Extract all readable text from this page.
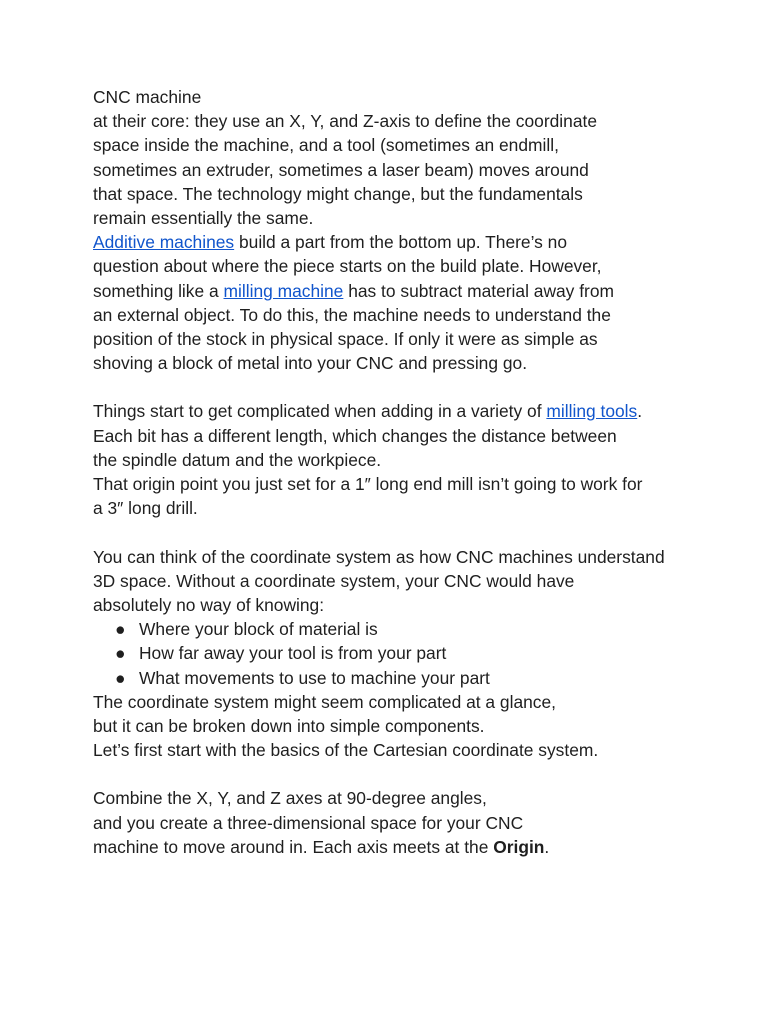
CNC machine
at their core: they use an X, Y, and Z-axis to define the coordinate
space inside the machine, and a tool (sometimes an endmill,
sometimes an extruder, sometimes a laser beam) moves around
that space. The technology might change, but the fundamentals
remain essentially the same.
Additive machines build a part from the bottom up. There’s no
question about where the piece starts on the build plate. However,
something like a milling machine has to subtract material away from
an external object. To do this, the machine needs to understand the
position of the stock in physical space. If only it were as simple as
shoving a block of metal into your CNC and pressing go.
Things start to get complicated when adding in a variety of milling tools.
Each bit has a different length, which changes the distance between
the spindle datum and the workpiece.
That origin point you just set for a 1″ long end mill isn’t going to work for
a 3″ long drill.
You can think of the coordinate system as how CNC machines understand
3D space. Without a coordinate system, your CNC would have
absolutely no way of knowing:
● Where your block of material is
● How far away your tool is from your part
● What movements to use to machine your part
The coordinate system might seem complicated at a glance,
but it can be broken down into simple components.
Let’s first start with the basics of the Cartesian coordinate system.
Combine the X, Y, and Z axes at 90-degree angles,
and you create a three-dimensional space for your CNC
machine to move around in. Each axis meets at the Origin.
